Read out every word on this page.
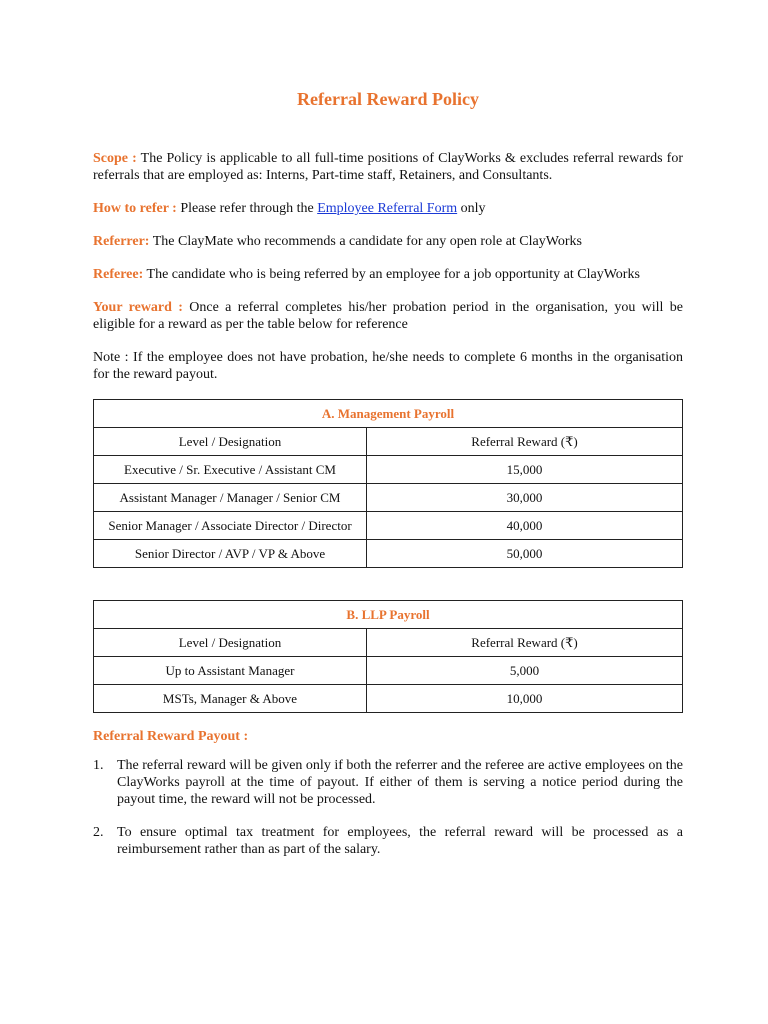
Referral Reward Policy

Scope : The Policy is applicable to all full-time positions of ClayWorks & excludes referral rewards for referrals that are employed as: Interns, Part-time staff, Retainers, and Consultants.

How to refer : Please refer through the Employee Referral Form only

Referrer: The ClayMate who recommends a candidate for any open role at ClayWorks

Referee: The candidate who is being referred by an employee for a job opportunity at ClayWorks

Your reward : Once a referral completes his/her probation period in the organisation, you will be eligible for a reward as per the table below for reference

Note : If the employee does not have probation, he/she needs to complete 6 months in the organisation for the reward payout.

A. Management Payroll	
Level / Designation	Referral Reward (₹)
Executive / Sr. Executive / Assistant CM	15,000
Assistant Manager / Manager / Senior CM	30,000
Senior Manager / Associate Director / Director	40,000
Senior Director / AVP / VP & Above	50,000
B. LLP Payroll	
Level / Designation	Referral Reward (₹)
Up to Assistant Manager	5,000
MSTs, Manager & Above	10,000
Referral Reward Payout :
1. The referral reward will be given only if both the referrer and the referee are active employees on the ClayWorks payroll at the time of payout. If either of them is serving a notice period during the payout time, the reward will not be processed.
2. To ensure optimal tax treatment for employees, the referral reward will be processed as a reimbursement rather than as part of the salary.
